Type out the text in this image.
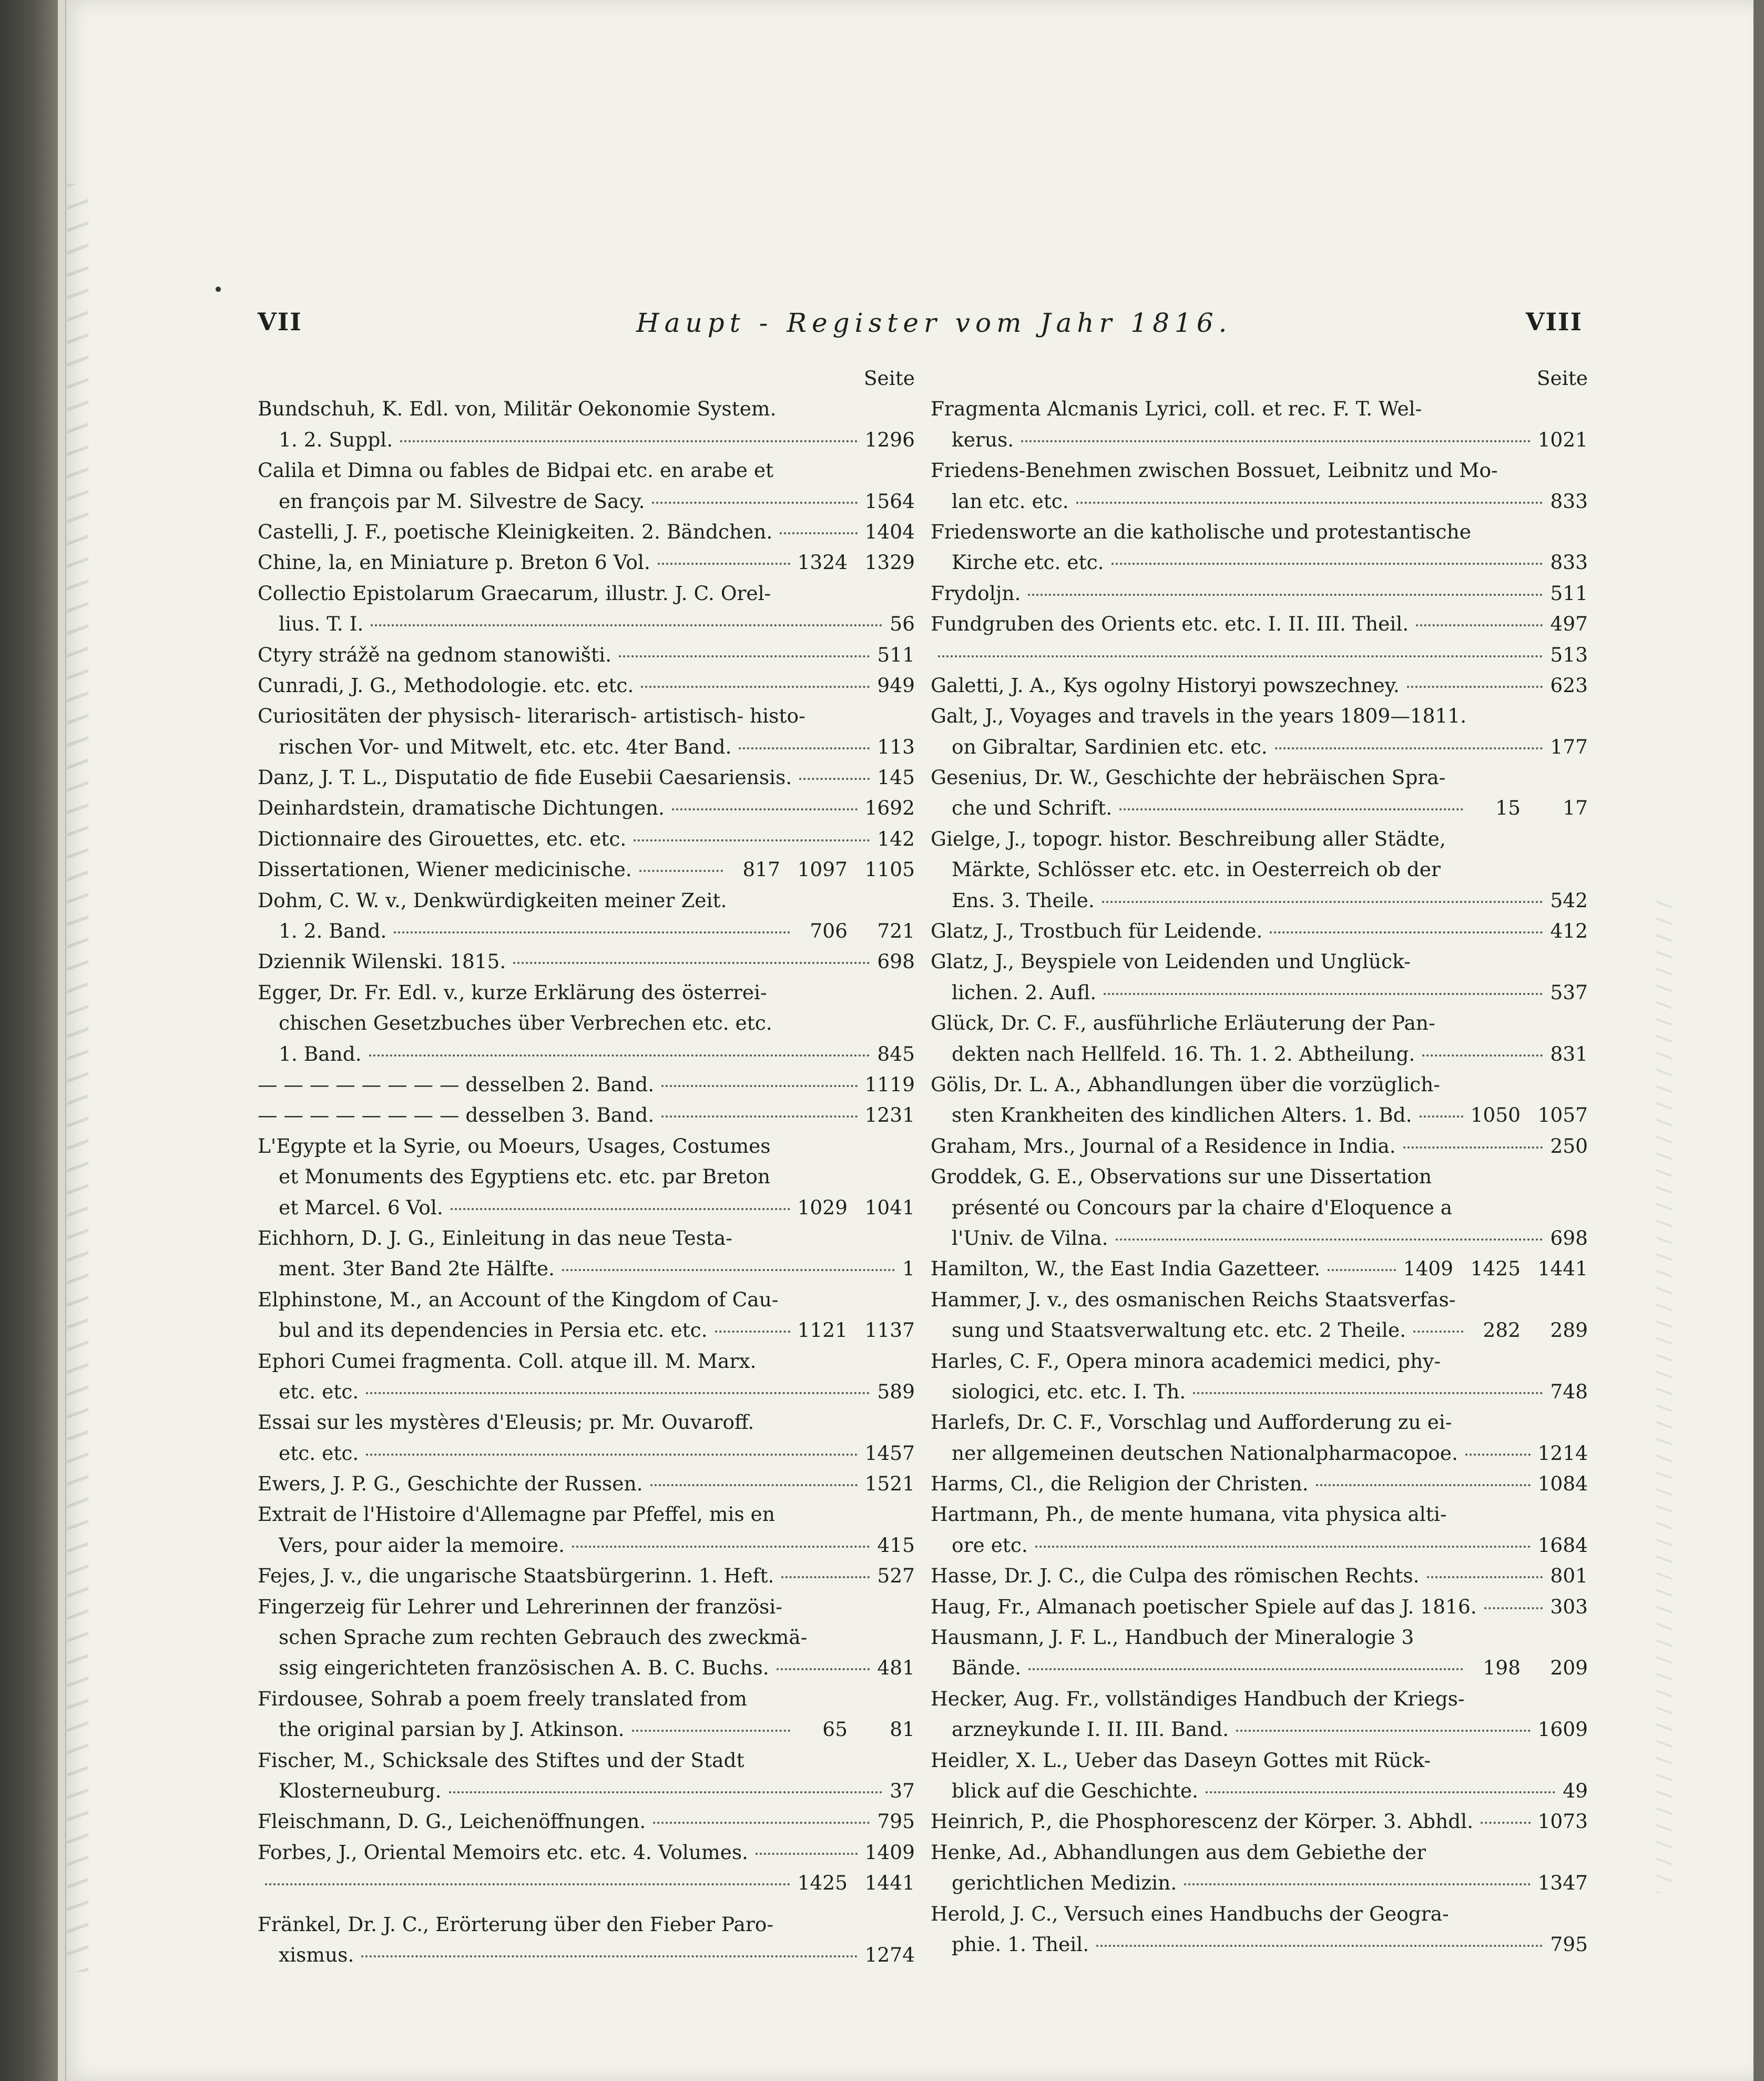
VII	Haupt - Register vom Jahr 1816.	VIII
Seite
Bundschuh, K. Edl. von, Militär Oekonomie System.
1. 2. Suppl.	1296
Calila et Dimna ou fables de Bidpai etc. en arabe et
en françois par M. Silvestre de Sacy.	1564
Castelli, J. F., poetische Kleinigkeiten. 2. Bändchen.	1404
Chine, la, en Miniature p. Breton 6 Vol.	1324 1329
Collectio Epistolarum Graecarum, illustr. J. C. Orel-
lius. T. I.	56
Ctyry strážě na gednom stanowišti.	511
Cunradi, J. G., Methodologie. etc. etc.	949
Curiositäten der physisch- literarisch- artistisch- histo-
rischen Vor- und Mitwelt, etc. etc. 4ter Band.	113
Danz, J. T. L., Disputatio de fide Eusebii Caesariensis.	145
Deinhardstein, dramatische Dichtungen.	1692
Dictionnaire des Girouettes, etc. etc.	142
Dissertationen, Wiener medicinische.	817 1097 1105
Dohm, C. W. v., Denkwürdigkeiten meiner Zeit.
1. 2. Band.	706 721
Dziennik Wilenski. 1815.	698
Egger, Dr. Fr. Edl. v., kurze Erklärung des österrei-
chischen Gesetzbuches über Verbrechen etc. etc.
1. Band.	845
— — — — — — — — desselben 2. Band.	1119
— — — — — — — — desselben 3. Band.	1231
L'Egypte et la Syrie, ou Moeurs, Usages, Costumes
et Monuments des Egyptiens etc. etc. par Breton
et Marcel. 6 Vol.	1029 1041
Eichhorn, D. J. G., Einleitung in das neue Testa-
ment. 3ter Band 2te Hälfte.	1
Elphinstone, M., an Account of the Kingdom of Cau-
bul and its dependencies in Persia etc. etc.	1121 1137
Ephori Cumei fragmenta. Coll. atque ill. M. Marx.
etc. etc.	589
Essai sur les mystères d'Eleusis; pr. Mr. Ouvaroff.
etc. etc.	1457
Ewers, J. P. G., Geschichte der Russen.	1521
Extrait de l'Histoire d'Allemagne par Pfeffel, mis en
Vers, pour aider la memoire.	415
Fejes, J. v., die ungarische Staatsbürgerinn. 1. Heft.	527
Fingerzeig für Lehrer und Lehrerinnen der französi-
schen Sprache zum rechten Gebrauch des zweckmä-
ssig eingerichteten französischen A. B. C. Buchs.	481
Firdousee, Sohrab a poem freely translated from
the original parsian by J. Atkinson.	65 81
Fischer, M., Schicksale des Stiftes und der Stadt
Klosterneuburg.	37
Fleischmann, D. G., Leichenöffnungen.	795
Forbes, J., Oriental Memoirs etc. etc. 4. Volumes.	1409
1425 1441
Fränkel, Dr. J. C., Erörterung über den Fieber Paro-
xismus.	1274
Seite
Fragmenta Alcmanis Lyrici, coll. et rec. F. T. Wel-
kerus.	1021
Friedens-Benehmen zwischen Bossuet, Leibnitz und Mo-
lan etc. etc.	833
Friedensworte an die katholische und protestantische
Kirche etc. etc.	833
Frydoljn.	511
Fundgruben des Orients etc. etc. I. II. III. Theil.	497
513
Galetti, J. A., Kys ogolny Historyi powszechney.	623
Galt, J., Voyages and travels in the years 1809—1811.
on Gibraltar, Sardinien etc. etc.	177
Gesenius, Dr. W., Geschichte der hebräischen Spra-
che und Schrift.	15 17
Gielge, J., topogr. histor. Beschreibung aller Städte,
Märkte, Schlösser etc. etc. in Oesterreich ob der
Ens. 3. Theile.	542
Glatz, J., Trostbuch für Leidende.	412
Glatz, J., Beyspiele von Leidenden und Unglück-
lichen. 2. Aufl.	537
Glück, Dr. C. F., ausführliche Erläuterung der Pan-
dekten nach Hellfeld. 16. Th. 1. 2. Abtheilung.	831
Gölis, Dr. L. A., Abhandlungen über die vorzüglich-
sten Krankheiten des kindlichen Alters. 1. Bd.	1050 1057
Graham, Mrs., Journal of a Residence in India.	250
Groddek, G. E., Observations sur une Dissertation
présenté ou Concours par la chaire d'Eloquence a
l'Univ. de Vilna.	698
Hamilton, W., the East India Gazetteer.	1409 1425 1441
Hammer, J. v., des osmanischen Reichs Staatsverfas-
sung und Staatsverwaltung etc. etc. 2 Theile.	282 289
Harles, C. F., Opera minora academici medici, phy-
siologici, etc. etc. I. Th.	748
Harlefs, Dr. C. F., Vorschlag und Aufforderung zu ei-
ner allgemeinen deutschen Nationalpharmacopoe.	1214
Harms, Cl., die Religion der Christen.	1084
Hartmann, Ph., de mente humana, vita physica alti-
ore etc.	1684
Hasse, Dr. J. C., die Culpa des römischen Rechts.	801
Haug, Fr., Almanach poetischer Spiele auf das J. 1816.	303
Hausmann, J. F. L., Handbuch der Mineralogie 3
Bände.	198 209
Hecker, Aug. Fr., vollständiges Handbuch der Kriegs-
arzneykunde I. II. III. Band.	1609
Heidler, X. L., Ueber das Daseyn Gottes mit Rück-
blick auf die Geschichte.	49
Heinrich, P., die Phosphorescenz der Körper. 3. Abhdl.	1073
Henke, Ad., Abhandlungen aus dem Gebiethe der
gerichtlichen Medizin.	1347
Herold, J. C., Versuch eines Handbuchs der Geogra-
phie. 1. Theil.	795
